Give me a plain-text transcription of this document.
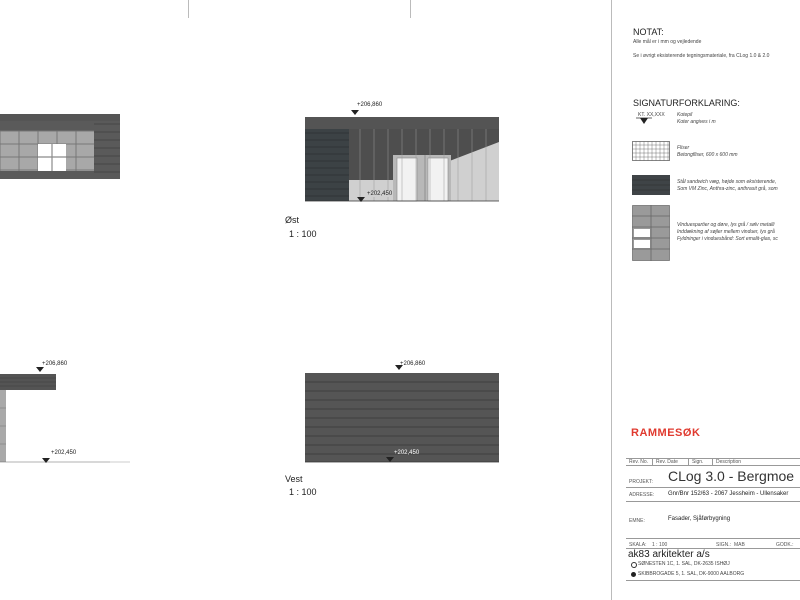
NOTAT:
Alle mål er i mm og vejledende
Se i øvrigt eksisterende tegningsmateriale, fra CLog 1.0 & 2.0
SIGNATURFORKLARING:
KT. XX,XXX Kotepil
Koter angives i m
Fliser
Betongfliser, 600 x 600 mm
Stål sandwich væg, højde som eksisterende,
Som VM Zinc, Anthra-zinc, anthrasit grå, som
Vinduespartier og døre, lys grå / sølv metalli
Inddækning af søjler mellem vinduer, lys grå
Fyldninger i vinduesbånd: Sort emalit-glas, sc
+206,860
+202,450
Øst
1 : 100
+206,860
+202,450
+206,860
+202,450
Vest
1 : 100
RAMMESØK
Rev. No. Rev. Date	Sign.	Description
PROJEKT: CLog 3.0 - Bergmoe
ADRESSE: Gnr/Bnr 152/63 - 2067 Jessheim - Ullensaker
EMNE:	Fasader, Sjåførbygning
SKALA: 1 : 100	SIGN.: MAB	GODK.:
ak83 arkitekter a/s
SØNESTEN 1C, 1. SAL, DK-2635 ISHØJ
SKIBBROGADE 5, 1. SAL, DK-9000 AALBORG
